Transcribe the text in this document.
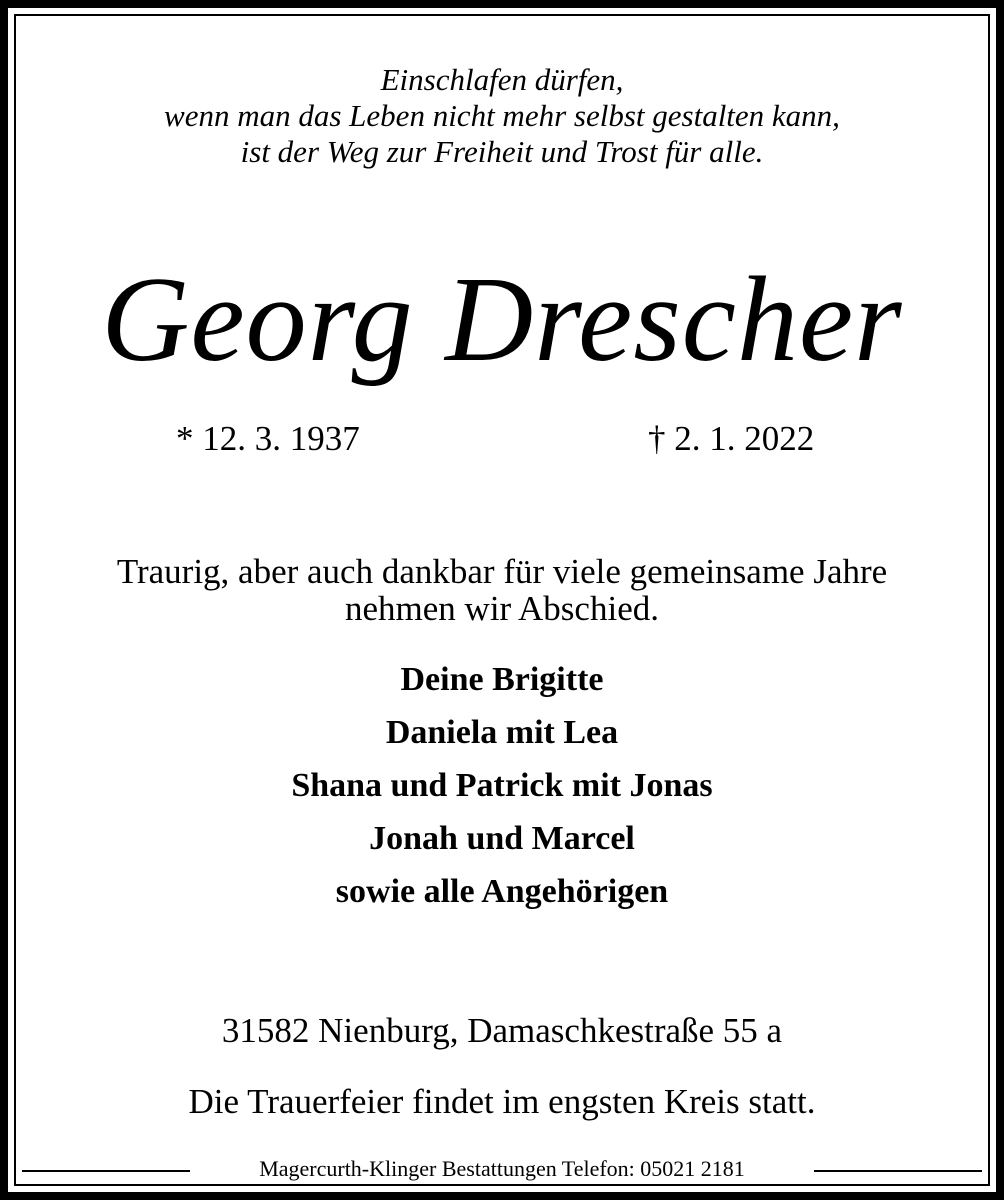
Einschlafen dürfen,
wenn man das Leben nicht mehr selbst gestalten kann,
ist der Weg zur Freiheit und Trost für alle.
Georg Drescher
* 12. 3. 1937	† 2. 1. 2022
Traurig, aber auch dankbar für viele gemeinsame Jahre
nehmen wir Abschied.
Deine Brigitte
Daniela mit Lea
Shana und Patrick mit Jonas
Jonah und Marcel
sowie alle Angehörigen
31582 Nienburg, Damaschkestraße 55 a
Die Trauerfeier findet im engsten Kreis statt.
Magercurth-Klinger Bestattungen Telefon: 05021 2181
